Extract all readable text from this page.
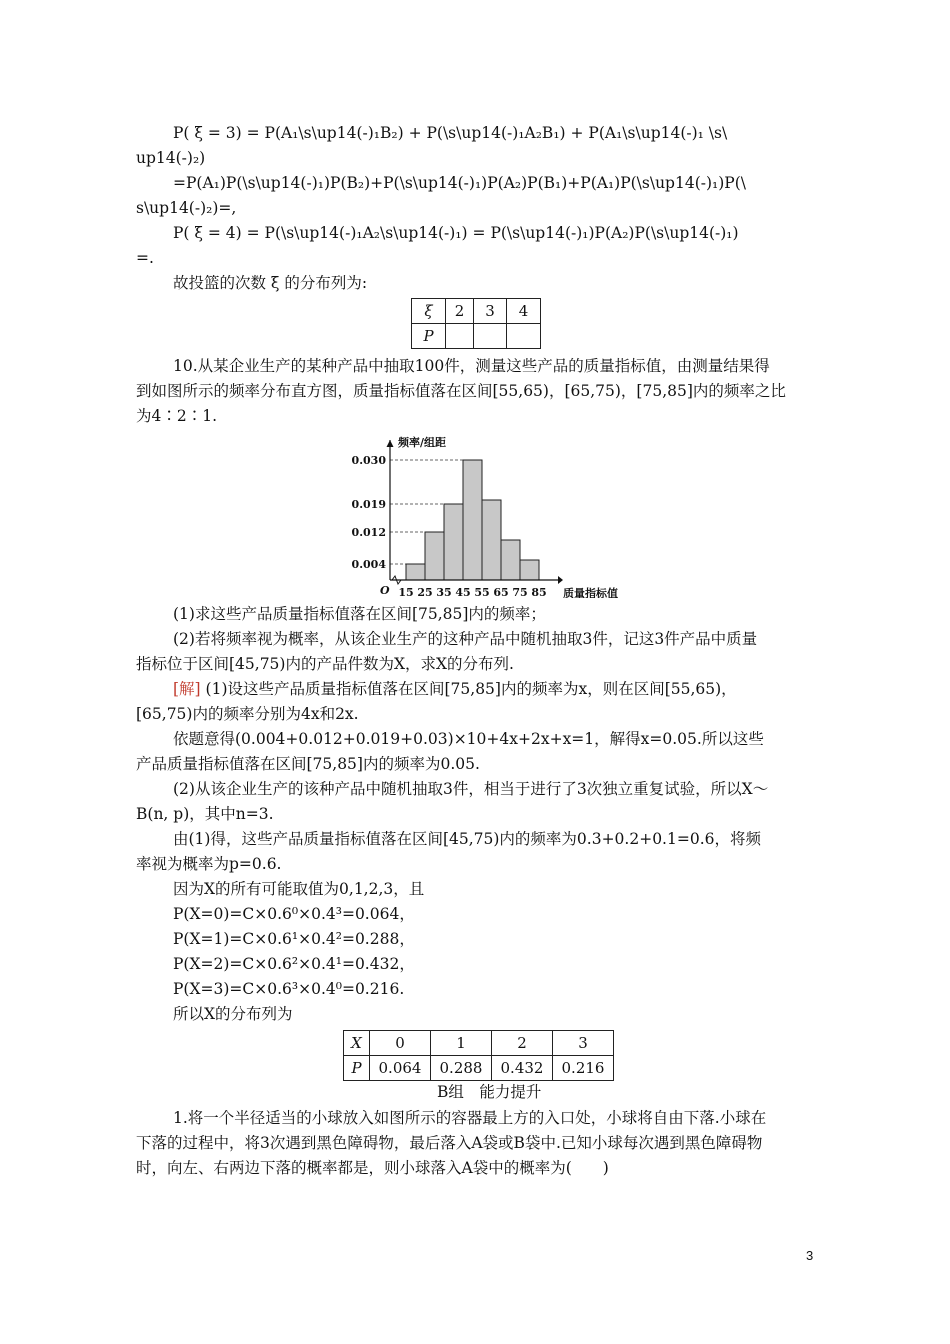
P( ξ = 3) = P(A₁\s\up14(-)₁B₂) + P(\s\up14(-)₁A₂B₁) + P(A₁\s\up14(-)₁ \s\
up14(-)₂)
=P(A₁)P(\s\up14(-)₁)P(B₂)+P(\s\up14(-)₁)P(A₂)P(B₁)+P(A₁)P(\s\up14(-)₁)P(\
s\up14(-)₂)=,
P( ξ = 4) = P(\s\up14(-)₁A₂\s\up14(-)₁) = P(\s\up14(-)₁)P(A₂)P(\s\up14(-)₁)
=.
故投篮的次数 ξ 的分布列为:
ξ	2	3	4
P			
10.从某企业生产的某种产品中抽取100件，测量这些产品的质量指标值，由测量结果得
到如图所示的频率分布直方图，质量指标值落在区间[55,65)，[65,75)，[75,85]内的频率之比
为4∶2∶1.
0.004
0.012
0.019
0.030
15 25 35 45 55 65 75 85
频率/组距
质量指标值
O
(1)求这些产品质量指标值落在区间[75,85]内的频率；
(2)若将频率视为概率，从该企业生产的这种产品中随机抽取3件，记这3件产品中质量
指标位于区间[45,75)内的产品件数为X，求X的分布列.
[解] (1)设这些产品质量指标值落在区间[75,85]内的频率为x，则在区间[55,65)，
[65,75)内的频率分别为4x和2x.
依题意得(0.004+0.012+0.019+0.03)×10+4x+2x+x=1，解得x=0.05.所以这些
产品质量指标值落在区间[75,85]内的频率为0.05.
(2)从该企业生产的该种产品中随机抽取3件，相当于进行了3次独立重复试验，所以X～
B(n, p)，其中n=3.
由(1)得，这些产品质量指标值落在区间[45,75)内的频率为0.3+0.2+0.1=0.6，将频
率视为概率为p=0.6.
因为X的所有可能取值为0,1,2,3，且
P(X=0)=C×0.6⁰×0.4³=0.064，
P(X=1)=C×0.6¹×0.4²=0.288，
P(X=2)=C×0.6²×0.4¹=0.432，
P(X=3)=C×0.6³×0.4⁰=0.216.
所以X的分布列为
X	0	1	2	3
P	0.064	0.288	0.432	0.216
B组　能力提升
1.将一个半径适当的小球放入如图所示的容器最上方的入口处，小球将自由下落.小球在
下落的过程中，将3次遇到黑色障碍物，最后落入A袋或B袋中.已知小球每次遇到黑色障碍物
时，向左、右两边下落的概率都是，则小球落入A袋中的概率为(　　)
3
